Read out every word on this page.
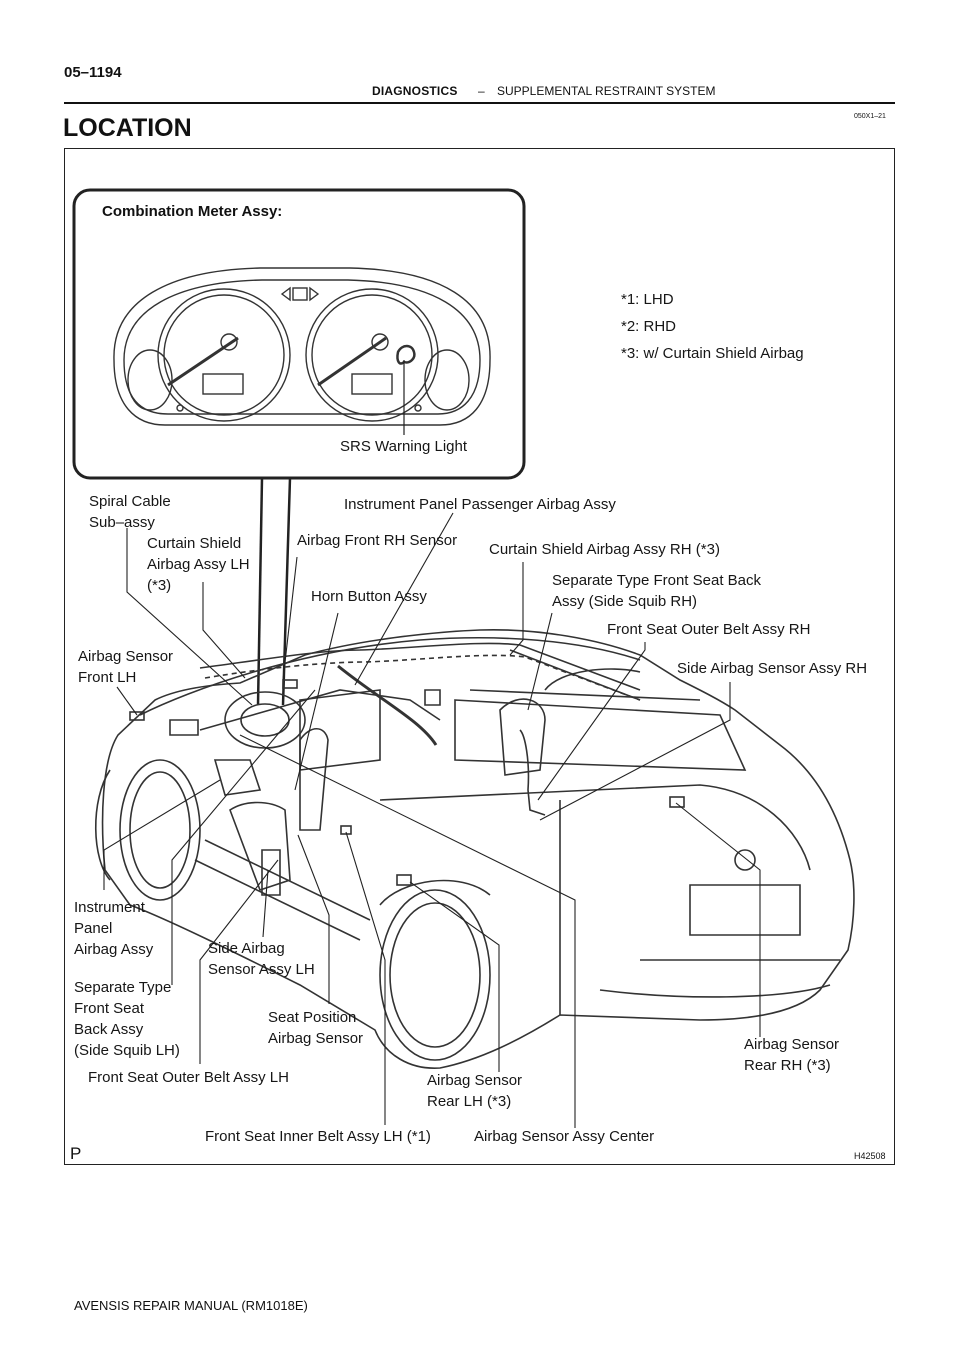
05–1194
DIAGNOSTICS – SUPPLEMENTAL RESTRAINT SYSTEM
050X1–21
LOCATION
Combination Meter Assy:
SRS Warning Light
*1: LHD
*2: RHD
*3: w/ Curtain Shield Airbag
Spiral Cable
Sub–assy
Curtain Shield
Airbag Assy LH
(*3)
Airbag Front RH Sensor
Instrument Panel Passenger Airbag Assy
Curtain Shield Airbag Assy RH (*3)
Separate Type Front Seat Back
Assy (Side Squib RH)
Horn Button Assy
Front Seat Outer Belt Assy RH
Airbag Sensor
Front LH
Side Airbag Sensor Assy RH
Instrument
Panel
Airbag Assy	Side Airbag
Sensor Assy LH
Separate Type
Front Seat
Back Assy
(Side Squib LH)
Seat Position
Airbag Sensor
Front Seat Outer Belt Assy LH	Airbag Sensor
Rear LH (*3)
Airbag Sensor
Rear RH (*3)
Front Seat Inner Belt Assy LH (*1)	Airbag Sensor Assy Center
P	H42508
AVENSIS REPAIR MANUAL (RM1018E)
